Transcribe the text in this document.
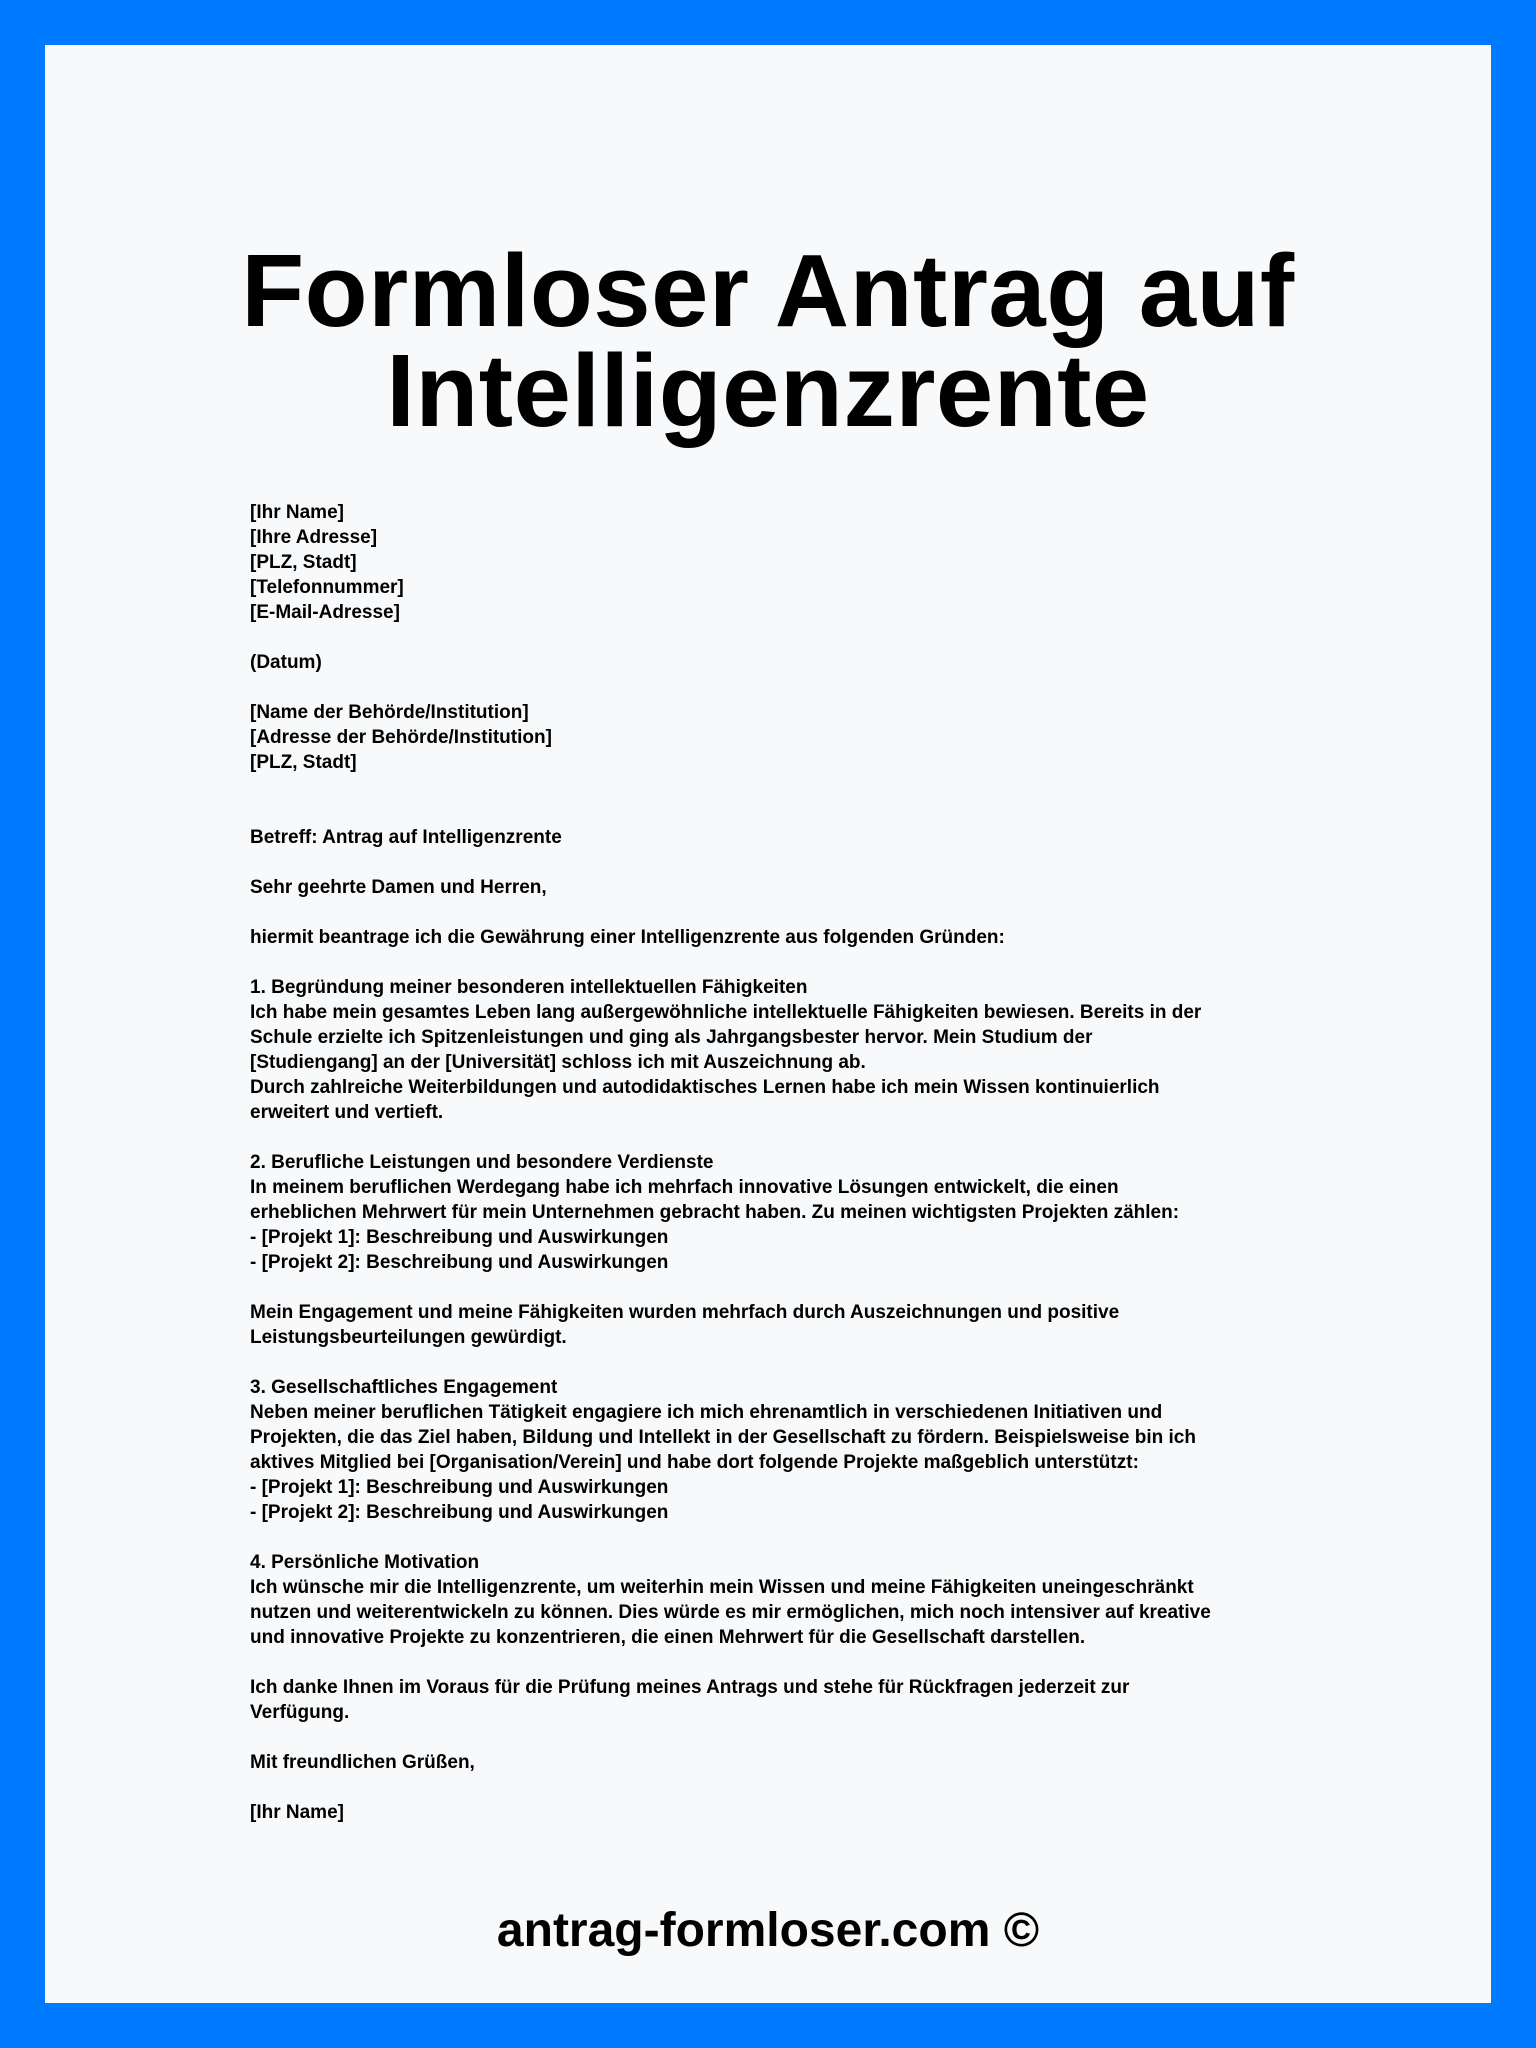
Formloser Antrag auf
Intelligenzrente
[Ihr Name]
[Ihre Adresse]
[PLZ, Stadt]
[Telefonnummer]
[E-Mail-Adresse]
(Datum)
[Name der Behörde/Institution]
[Adresse der Behörde/Institution]
[PLZ, Stadt]
Betreff: Antrag auf Intelligenzrente
Sehr geehrte Damen und Herren,
hiermit beantrage ich die Gewährung einer Intelligenzrente aus folgenden Gründen:
1. Begründung meiner besonderen intellektuellen Fähigkeiten
Ich habe mein gesamtes Leben lang außergewöhnliche intellektuelle Fähigkeiten bewiesen. Bereits in der
Schule erzielte ich Spitzenleistungen und ging als Jahrgangsbester hervor. Mein Studium der
[Studiengang] an der [Universität] schloss ich mit Auszeichnung ab.
Durch zahlreiche Weiterbildungen und autodidaktisches Lernen habe ich mein Wissen kontinuierlich
erweitert und vertieft.
2. Berufliche Leistungen und besondere Verdienste
In meinem beruflichen Werdegang habe ich mehrfach innovative Lösungen entwickelt, die einen
erheblichen Mehrwert für mein Unternehmen gebracht haben. Zu meinen wichtigsten Projekten zählen:
- [Projekt 1]: Beschreibung und Auswirkungen
- [Projekt 2]: Beschreibung und Auswirkungen
Mein Engagement und meine Fähigkeiten wurden mehrfach durch Auszeichnungen und positive
Leistungsbeurteilungen gewürdigt.
3. Gesellschaftliches Engagement
Neben meiner beruflichen Tätigkeit engagiere ich mich ehrenamtlich in verschiedenen Initiativen und
Projekten, die das Ziel haben, Bildung und Intellekt in der Gesellschaft zu fördern. Beispielsweise bin ich
aktives Mitglied bei [Organisation/Verein] und habe dort folgende Projekte maßgeblich unterstützt:
- [Projekt 1]: Beschreibung und Auswirkungen
- [Projekt 2]: Beschreibung und Auswirkungen
4. Persönliche Motivation
Ich wünsche mir die Intelligenzrente, um weiterhin mein Wissen und meine Fähigkeiten uneingeschränkt
nutzen und weiterentwickeln zu können. Dies würde es mir ermöglichen, mich noch intensiver auf kreative
und innovative Projekte zu konzentrieren, die einen Mehrwert für die Gesellschaft darstellen.
Ich danke Ihnen im Voraus für die Prüfung meines Antrags und stehe für Rückfragen jederzeit zur
Verfügung.
Mit freundlichen Grüßen,
[Ihr Name]
antrag-formloser.com ©
